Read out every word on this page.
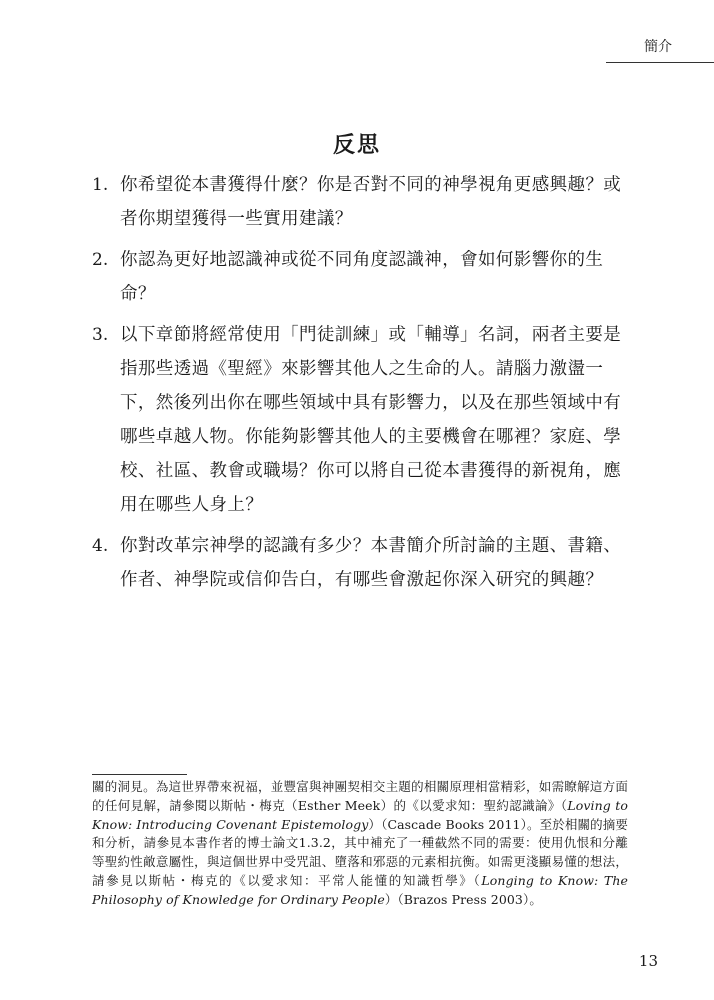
簡介
反思
1. 你希望從本書獲得什麼？你是否對不同的神學視角更感興趣？或者你期望獲得一些實用建議？
2. 你認為更好地認識神或從不同角度認識神，會如何影響你的生命？
3. 以下章節將經常使用「門徒訓練」或「輔導」名詞，兩者主要是指那些透過《聖經》來影響其他人之生命的人。請腦力激盪一下，然後列出你在哪些領域中具有影響力，以及在那些領域中有哪些卓越人物。你能夠影響其他人的主要機會在哪裡？家庭、學校、社區、教會或職場？你可以將自己從本書獲得的新視角，應用在哪些人身上？
4. 你對改革宗神學的認識有多少？本書簡介所討論的主題、書籍、作者、神學院或信仰告白，有哪些會激起你深入研究的興趣？
關的洞見。為這世界帶來祝福，並豐富與神團契相交主題的相關原理相當精彩，如需瞭解這方面的任何見解，請參閱以斯帖・梅克（Esther Meek）的《以愛求知：聖約認識論》（Loving to Know: Introducing Covenant Epistemology）（Cascade Books 2011）。至於相關的摘要和分析，請參見本書作者的博士論文1.3.2，其中補充了一種截然不同的需要：使用仇恨和分離等聖約性敵意屬性，與這個世界中受咒詛、墮落和邪惡的元素相抗衡。如需更淺顯易懂的想法，請參見以斯帖・梅克的《以愛求知：平常人能懂的知識哲學》（Longing to Know: The Philosophy of Knowledge for Ordinary People）（Brazos Press 2003）。
13
